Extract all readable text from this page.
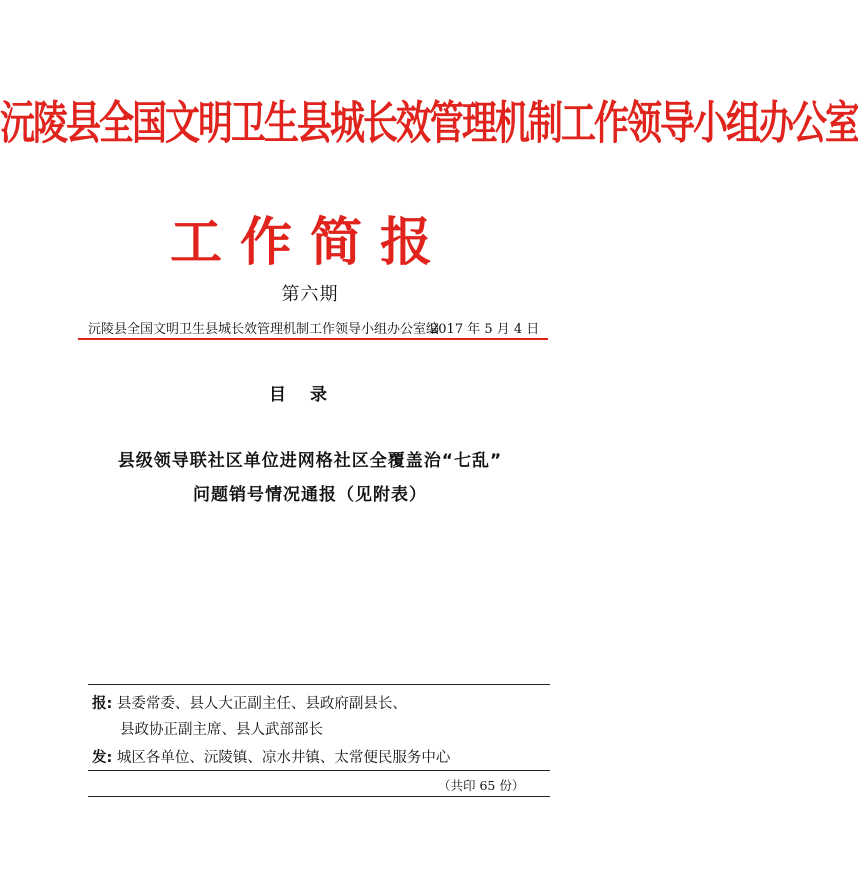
沅陵县全国文明卫生县城长效管理机制工作领导小组办公室
工作简报
第六期
沅陵县全国文明卫生县城长效管理机制工作领导小组办公室编
2017 年 5 月 4 日
目录
县级领导联社区单位进网格社区全覆盖治“七乱”
问题销号情况通报（见附表）
报: 县委常委、县人大正副主任、县政府副县长、
县政协正副主席、县人武部部长
发: 城区各单位、沅陵镇、凉水井镇、太常便民服务中心
（共印 65 份）
